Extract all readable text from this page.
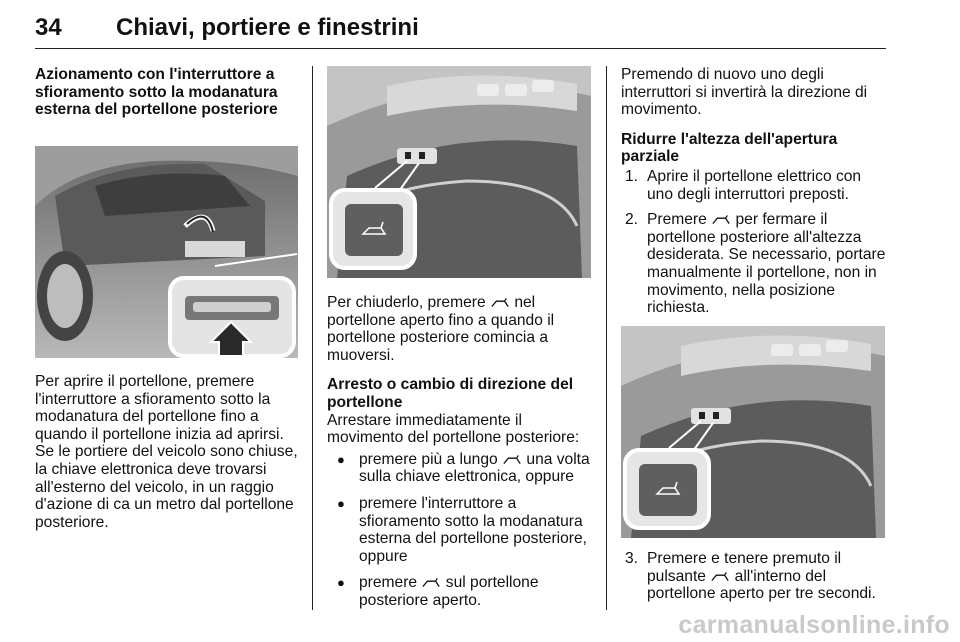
34 Chiavi, portiere e finestrini

Azionamento con l'interruttore a sfioramento sotto la modanatura esterna del portellone posteriore

Per aprire il portellone, premere l'interruttore a sfioramento sotto la modanatura del portellone fino a quando il portellone inizia ad aprirsi. Se le portiere del veicolo sono chiuse, la chiave elettronica deve trovarsi all'esterno del veicolo, in un raggio d'azione di ca un metro dal portellone posteriore.

Per chiuderlo, premere nel portellone aperto fino a quando il portellone posteriore comincia a muoversi.

Arresto o cambio di direzione del portellone

Arrestare immediatamente il movimento del portellone posteriore:

● premere più a lungo una volta sulla chiave elettronica, oppure
● premere l'interruttore a sfioramento sotto la modanatura esterna del portellone posteriore, oppure
● premere sul portellone posteriore aperto.

Premendo di nuovo uno degli interruttori si invertirà la direzione di movimento.

Ridurre l'altezza dell'apertura parziale

1. Aprire il portellone elettrico con uno degli interruttori preposti.
2. Premere per fermare il portellone posteriore all'altezza desiderata. Se necessario, portare manualmente il portellone, non in movimento, nella posizione richiesta.
3. Premere e tenere premuto il pulsante all'interno del portellone aperto per tre secondi.
carmanualsonline.info
